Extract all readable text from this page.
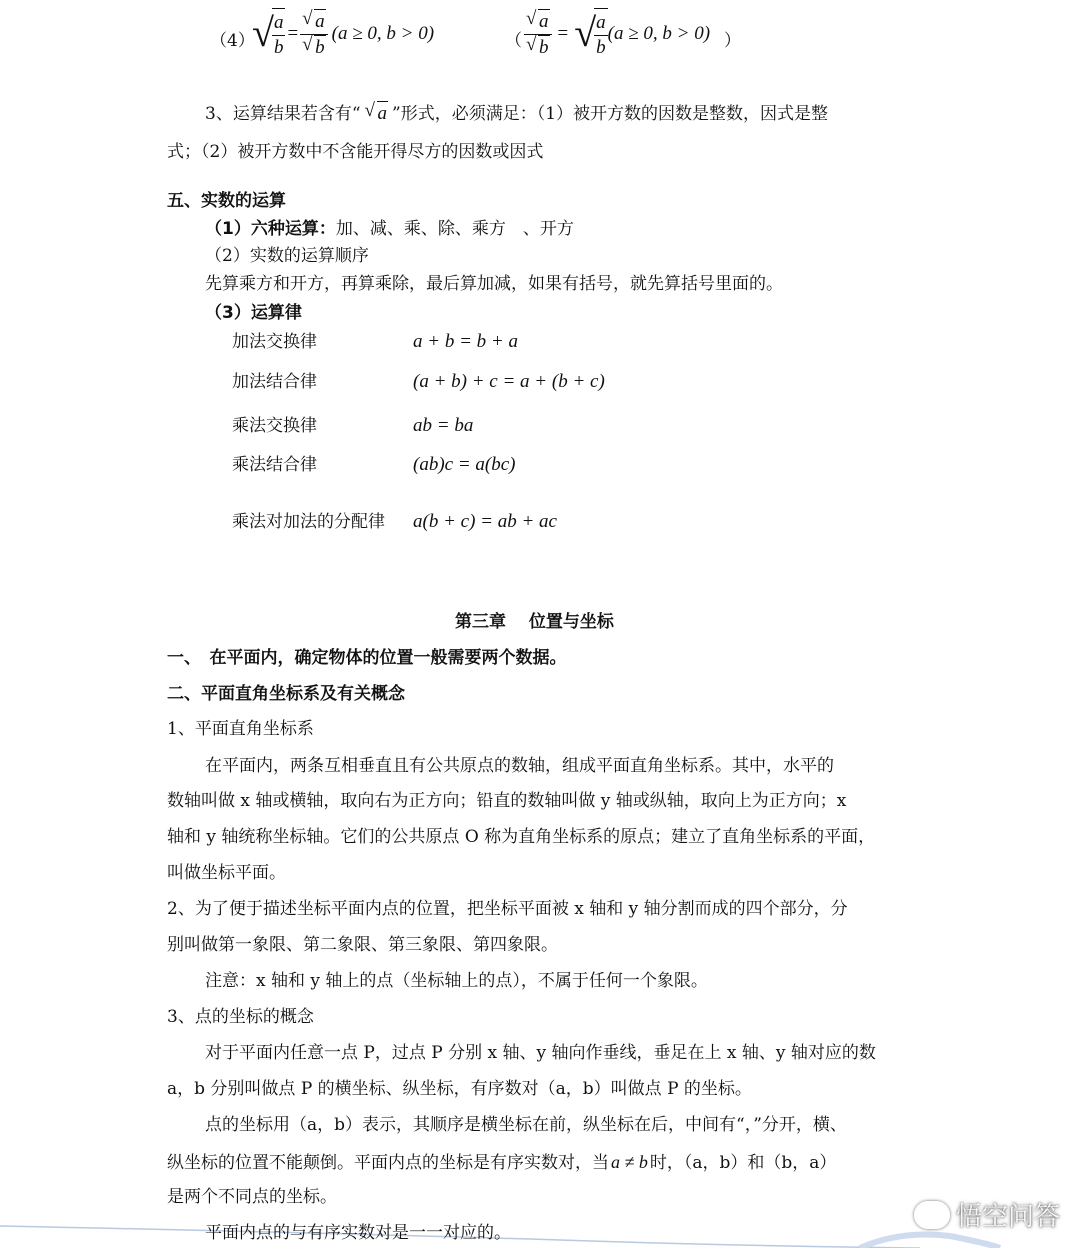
（4）
√
$\frac{a}{b} = \frac{√ a}{√ b} (a \ge 0$, b > 0)	（ $\frac{√ a}{√ b}$ = √
$\frac{a}{b} (a \ge 0$, b > 0) ）
3、运算结果若含有“ √ a ”形式，必须满足：（1）被开方数的因数是整数，因式是整
式；（2）被开方数中不含能开得尽方的因数或因式
五、实数的运算
（1）六种运算：加、减、乘、除、乘方　、开方
（2）实数的运算顺序
先算乘方和开方，再算乘除，最后算加减，如果有括号，就先算括号里面的。
（3）运算律
加法交换律	a + b = b + a
加法结合律	(a + b) + c = a + (b + c)
乘法交换律	ab = ba
乘法结合律	(ab)c = a(bc)
乘法对加法的分配律 a(b + c) = ab + ac
第三章　 位置与坐标
一、　在平面内，确定物体的位置一般需要两个数据。
二、平面直角坐标系及有关概念
1、平面直角坐标系
在平面内，两条互相垂直且有公共原点的数轴，组成平面直角坐标系。其中，水平的
数轴叫做 x 轴或横轴，取向右为正方向；铅直的数轴叫做 y 轴或纵轴，取向上为正方向；x
轴和 y 轴统称坐标轴。它们的公共原点 O 称为直角坐标系的原点；建立了直角坐标系的平面，
叫做坐标平面。
2、为了便于描述坐标平面内点的位置，把坐标平面被 x 轴和 y 轴分割而成的四个部分，分
别叫做第一象限、第二象限、第三象限、第四象限。
注意：x 轴和 y 轴上的点（坐标轴上的点），不属于任何一个象限。
3、点的坐标的概念
对于平面内任意一点 P，过点 P 分别 x 轴、y 轴向作垂线，垂足在上 x 轴、y 轴对应的数
a，b 分别叫做点 P 的横坐标、纵坐标，有序数对（a，b）叫做点 P 的坐标。
点的坐标用（a，b）表示，其顺序是横坐标在前，纵坐标在后，中间有“，”分开，横、
纵坐标的位置不能颠倒。平面内点的坐标是有序实数对，当 a ≠ b 时，（a，b）和（b，a）
是两个不同点的坐标。
平面内点的与有序实数对是一一对应的。
悟空问答
